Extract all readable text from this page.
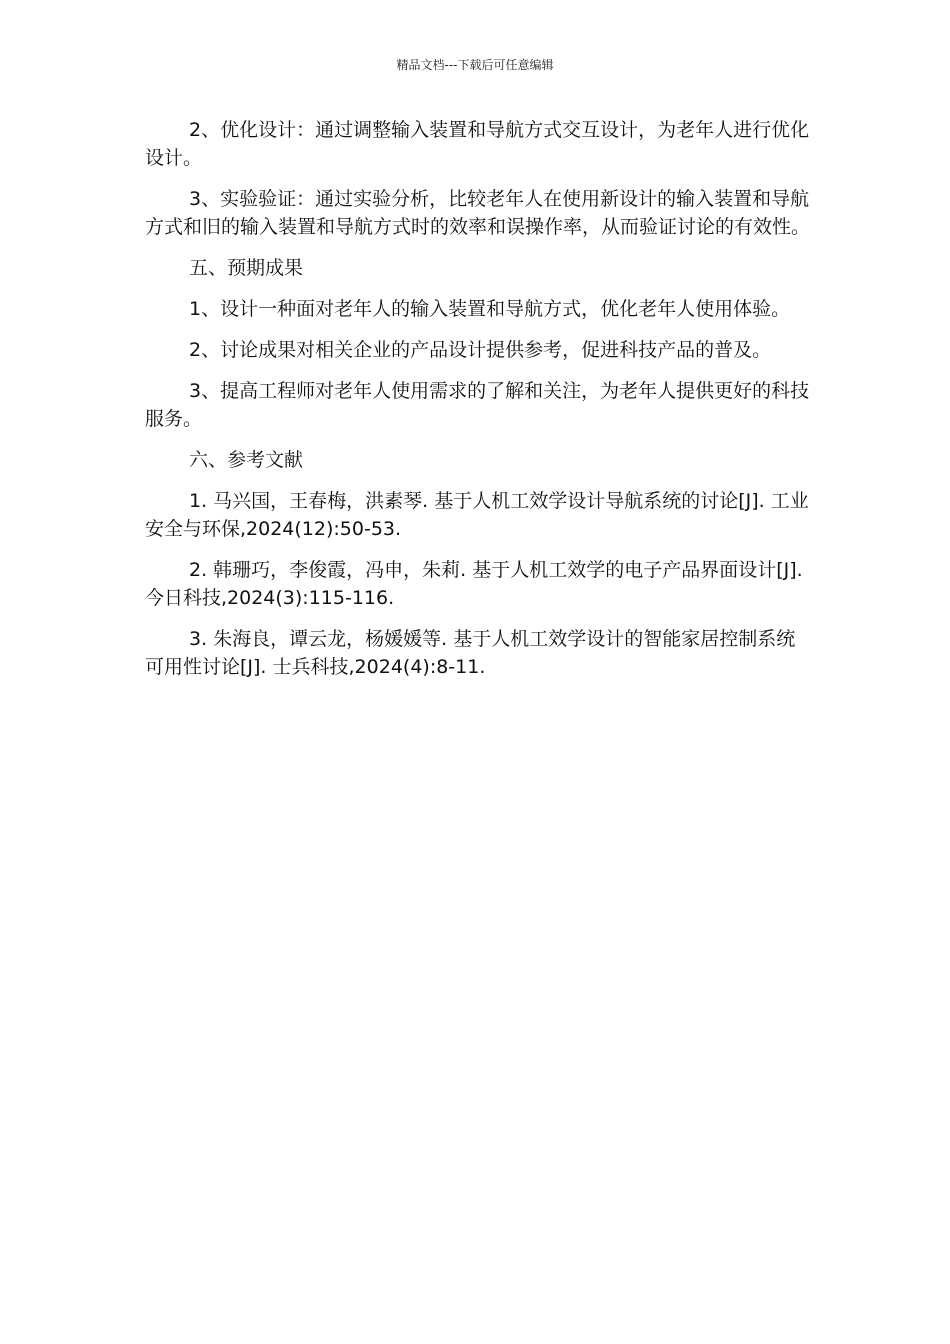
精品文档---下载后可任意编辑

2、优化设计：通过调整输入装置和导航方式交互设计，为老年人进行优化设计。

3、实验验证：通过实验分析，比较老年人在使用新设计的输入装置和导航方式和旧的输入装置和导航方式时的效率和误操作率，从而验证讨论的有效性。

五、预期成果

1、设计一种面对老年人的输入装置和导航方式，优化老年人使用体验。

2、讨论成果对相关企业的产品设计提供参考，促进科技产品的普及。

3、提高工程师对老年人使用需求的了解和关注，为老年人提供更好的科技服务。

六、参考文献

1. 马兴国，王春梅，洪素琴. 基于人机工效学设计导航系统的讨论[J]. 工业安全与环保,2024(12):50-53.

2. 韩珊巧，李俊霞，冯申，朱莉. 基于人机工效学的电子产品界面设计[J]. 今日科技,2024(3):115-116.

3. 朱海良，谭云龙，杨媛媛等. 基于人机工效学设计的智能家居控制系统可用性讨论[J]. 士兵科技,2024(4):8-11.
